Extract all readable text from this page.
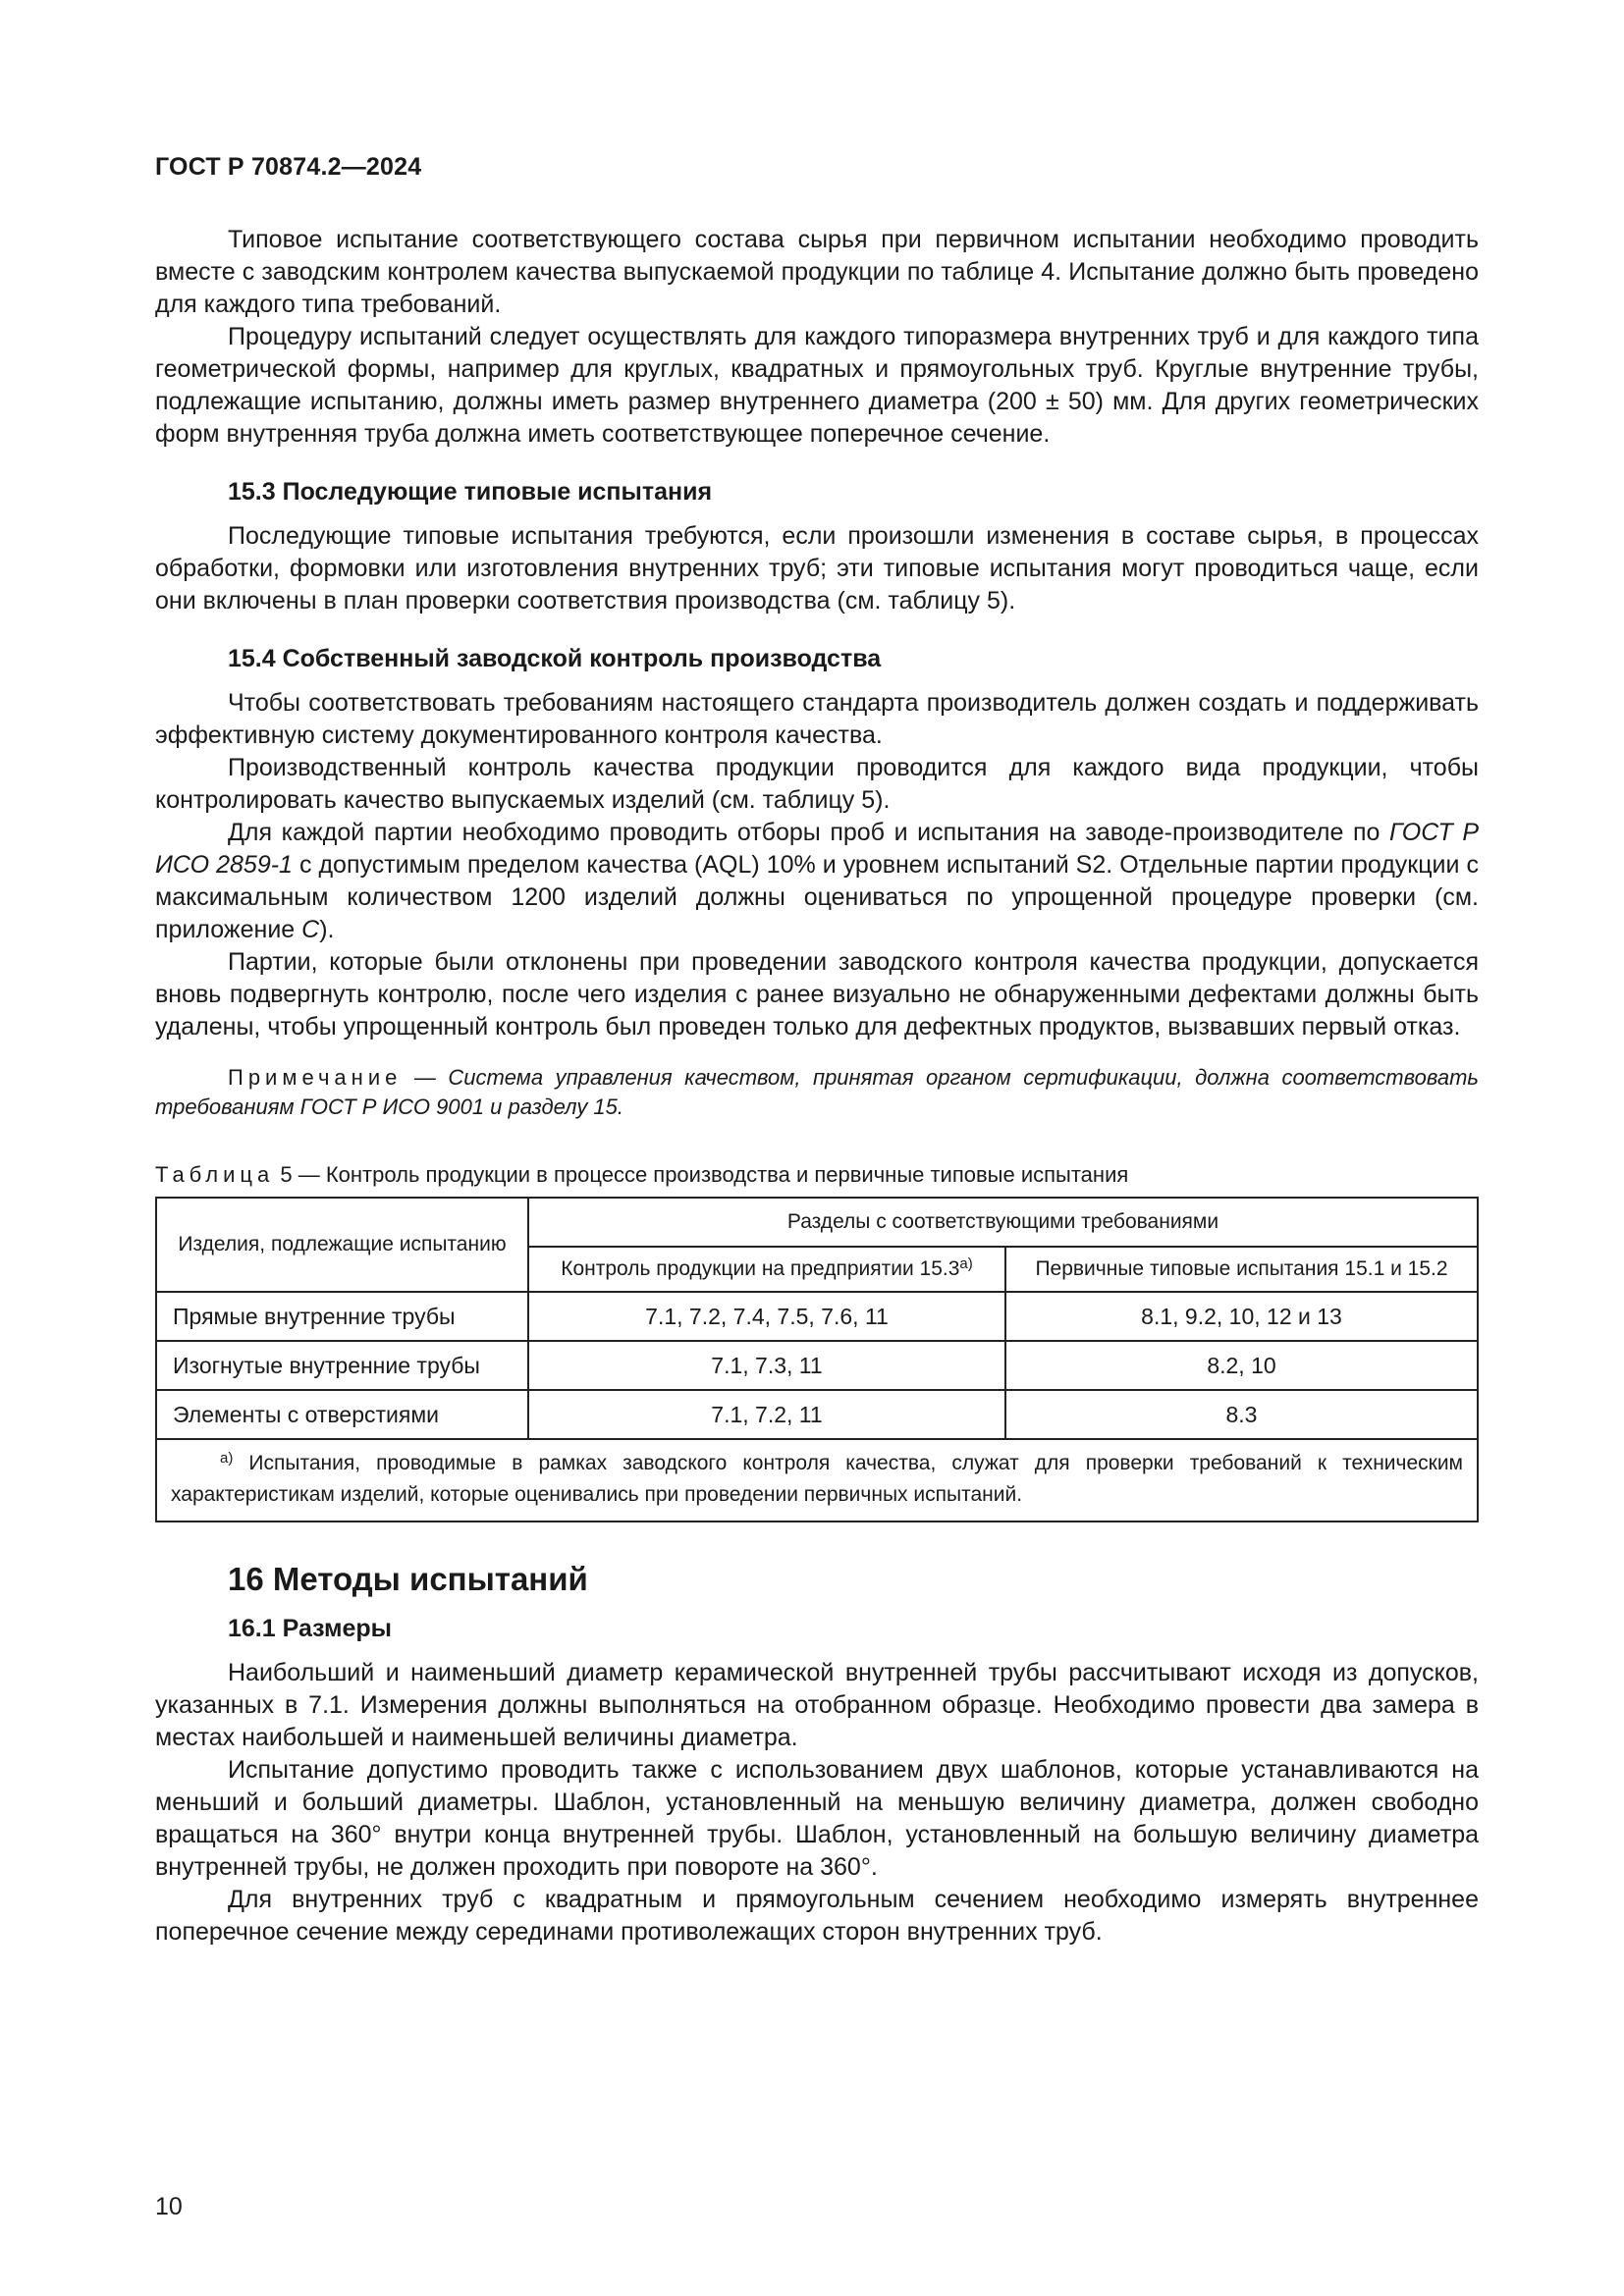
ГОСТ Р 70874.2—2024

Типовое испытание соответствующего состава сырья при первичном испытании необходимо проводить вместе с заводским контролем качества выпускаемой продукции по таблице 4. Испытание должно быть проведено для каждого типа требований.

Процедуру испытаний следует осуществлять для каждого типоразмера внутренних труб и для каждого типа геометрической формы, например для круглых, квадратных и прямоугольных труб. Круглые внутренние трубы, подлежащие испытанию, должны иметь размер внутреннего диаметра (200 ± 50) мм. Для других геометрических форм внутренняя труба должна иметь соответствующее поперечное сечение.

15.3 Последующие типовые испытания

Последующие типовые испытания требуются, если произошли изменения в составе сырья, в процессах обработки, формовки или изготовления внутренних труб; эти типовые испытания могут проводиться чаще, если они включены в план проверки соответствия производства (см. таблицу 5).

15.4 Собственный заводской контроль производства

Чтобы соответствовать требованиям настоящего стандарта производитель должен создать и поддерживать эффективную систему документированного контроля качества.

Производственный контроль качества продукции проводится для каждого вида продукции, чтобы контролировать качество выпускаемых изделий (см. таблицу 5).

Для каждой партии необходимо проводить отборы проб и испытания на заводе-производителе по ГОСТ Р ИСО 2859-1 с допустимым пределом качества (AQL) 10% и уровнем испытаний S2. Отдельные партии продукции с максимальным количеством 1200 изделий должны оцениваться по упрощенной процедуре проверки (см. приложение С).

Партии, которые были отклонены при проведении заводского контроля качества продукции, допускается вновь подвергнуть контролю, после чего изделия с ранее визуально не обнаруженными дефектами должны быть удалены, чтобы упрощенный контроль был проведен только для дефектных продуктов, вызвавших первый отказ.

Примечание — Система управления качеством, принятая органом сертификации, должна соответствовать требованиям ГОСТ Р ИСО 9001 и разделу 15.

Таблица 5 — Контроль продукции в процессе производства и первичные типовые испытания
Изделия, подлежащие испытанию	Разделы с соответствующими требованиями	
	Контроль продукции на предприятии $15.3^{а)}$	Первичные типовые испытания 15.1 и 15.2
Прямые внутренние трубы	7.1, 7.2, 7.4, 7.5, 7.6, 11	8.1, 9.2, 10, 12 и 13
Изогнутые внутренние трубы	7.1, 7.3, 11	8.2, 10
Элементы с отверстиями	7.1, 7.2, 11	8.3
$^{а)}$ Испытания, проводимые в рамках заводского контроля качества, служат для проверки требований к техническим характеристикам изделий, которые оценивались при проведении первичных испытаний.		
16 Методы испытаний
16.1 Размеры

Наибольший и наименьший диаметр керамической внутренней трубы рассчитывают исходя из допусков, указанных в 7.1. Измерения должны выполняться на отобранном образце. Необходимо провести два замера в местах наибольшей и наименьшей величины диаметра.

Испытание допустимо проводить также с использованием двух шаблонов, которые устанавливаются на меньший и больший диаметры. Шаблон, установленный на меньшую величину диаметра, должен свободно вращаться на 360° внутри конца внутренней трубы. Шаблон, установленный на большую величину диаметра внутренней трубы, не должен проходить при повороте на 360°.

Для внутренних труб с квадратным и прямоугольным сечением необходимо измерять внутреннее поперечное сечение между серединами противолежащих сторон внутренних труб.

10
